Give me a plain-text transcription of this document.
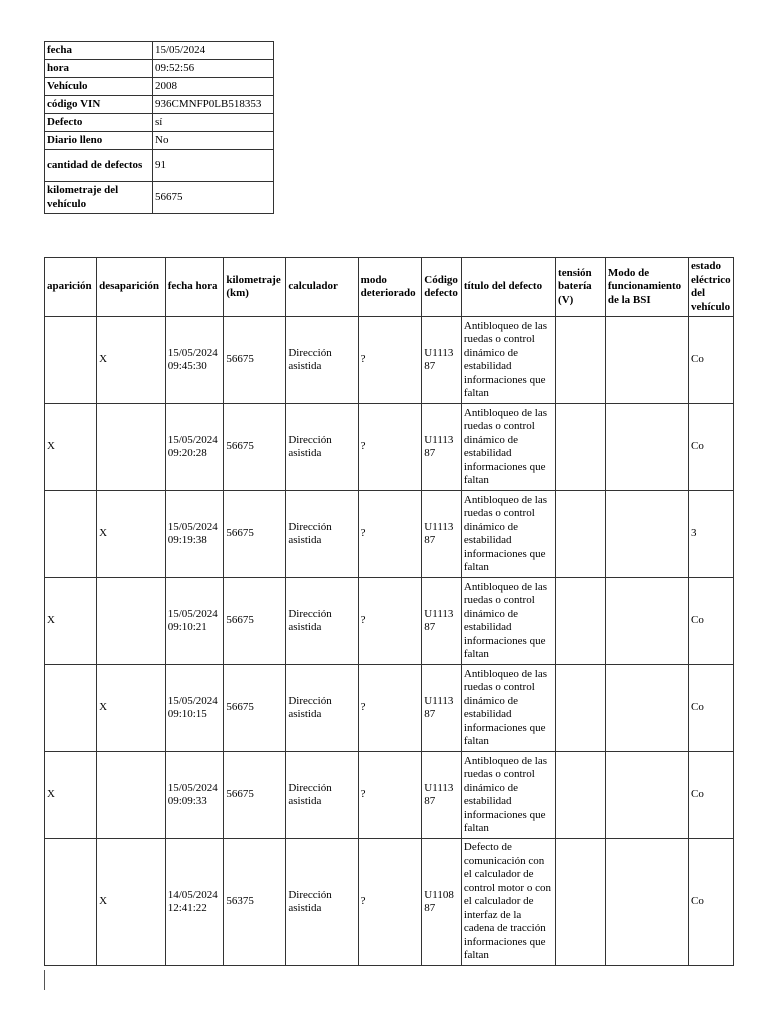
fecha	15/05/2024
hora	09:52:56
Vehículo	2008
código VIN	936CMNFP0LB518353
Defecto	sí
Diario lleno	No
cantidad de defectos	91
kilometraje del vehículo	56675
aparición	desaparición	fecha hora	kilometraje (km)	calculador	modo deteriorado	Código defecto	título del defecto	tensión batería (V)	Modo de funcionamiento de la BSI	estado eléctrico del vehículo
	X	15/05/2024 09:45:30	56675	Dirección asistida	?	U1113 87	Antibloqueo de las ruedas o control dinámico de estabilidad informaciones que faltan			Co
X		15/05/2024 09:20:28	56675	Dirección asistida	?	U1113 87	Antibloqueo de las ruedas o control dinámico de estabilidad informaciones que faltan			Co
	X	15/05/2024 09:19:38	56675	Dirección asistida	?	U1113 87	Antibloqueo de las ruedas o control dinámico de estabilidad informaciones que faltan			3
X		15/05/2024 09:10:21	56675	Dirección asistida	?	U1113 87	Antibloqueo de las ruedas o control dinámico de estabilidad informaciones que faltan			Co
	X	15/05/2024 09:10:15	56675	Dirección asistida	?	U1113 87	Antibloqueo de las ruedas o control dinámico de estabilidad informaciones que faltan			Co
X		15/05/2024 09:09:33	56675	Dirección asistida	?	U1113 87	Antibloqueo de las ruedas o control dinámico de estabilidad informaciones que faltan			Co
	X	14/05/2024 12:41:22	56375	Dirección asistida	?	U1108 87	Defecto de comunicación con el calculador de control motor o con el calculador de interfaz de la cadena de tracción informaciones que faltan			Co
